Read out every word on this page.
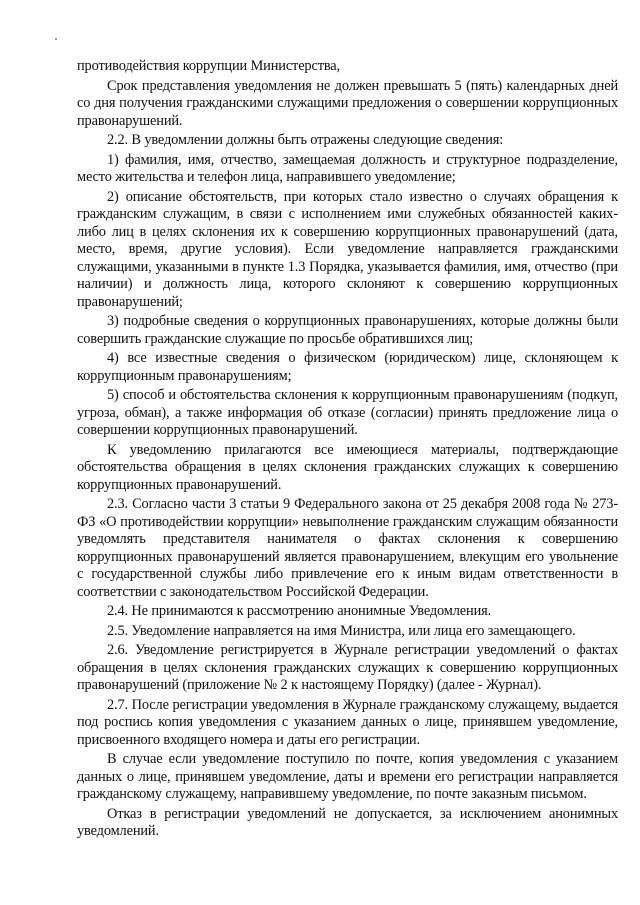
противодействия коррупции Министерства,

Срок представления уведомления не должен превышать 5 (пять) календарных дней со дня получения гражданскими служащими предложения о совершении коррупционных правонарушений.

2.2. В уведомлении должны быть отражены следующие сведения:

1) фамилия, имя, отчество, замещаемая должность и структурное подразделение, место жительства и телефон лица, направившего уведомление;

2) описание обстоятельств, при которых стало известно о случаях обращения к гражданским служащим, в связи с исполнением ими служебных обязанностей каких-либо лиц в целях склонения их к совершению коррупционных правонарушений (дата, место, время, другие условия). Если уведомление направляется гражданскими служащими, указанными в пункте 1.3 Порядка, указывается фамилия, имя, отчество (при наличии) и должность лица, которого склоняют к совершению коррупционных правонарушений;

3) подробные сведения о коррупционных правонарушениях, которые должны были совершить гражданские служащие по просьбе обратившихся лиц;

4) все известные сведения о физическом (юридическом) лице, склоняющем к коррупционным правонарушениям;

5) способ и обстоятельства склонения к коррупционным правонарушениям (подкуп, угроза, обман), а также информация об отказе (согласии) принять предложение лица о совершении коррупционных правонарушений.

К уведомлению прилагаются все имеющиеся материалы, подтверждающие обстоятельства обращения в целях склонения гражданских служащих к совершению коррупционных правонарушений.

2.3. Согласно части 3 статьи 9 Федерального закона от 25 декабря 2008 года № 273-ФЗ «О противодействии коррупции» невыполнение гражданским служащим обязанности уведомлять представителя нанимателя о фактах склонения к совершению коррупционных правонарушений является правонарушением, влекущим его увольнение с государственной службы либо привлечение его к иным видам ответственности в соответствии с законодательством Российской Федерации.

2.4. Не принимаются к рассмотрению анонимные Уведомления.

2.5. Уведомление направляется на имя Министра, или лица его замещающего.

2.6. Уведомление регистрируется в Журнале регистрации уведомлений о фактах обращения в целях склонения гражданских служащих к совершению коррупционных правонарушений (приложение № 2 к настоящему Порядку) (далее - Журнал).

2.7. После регистрации уведомления в Журнале гражданскому служащему, выдается под роспись копия уведомления с указанием данных о лице, принявшем уведомление, присвоенного входящего номера и даты его регистрации.

В случае если уведомление поступило по почте, копия уведомления с указанием данных о лице, принявшем уведомление, даты и времени его регистрации направляется гражданскому служащему, направившему уведомление, по почте заказным письмом.

Отказ в регистрации уведомлений не допускается, за исключением анонимных уведомлений.
